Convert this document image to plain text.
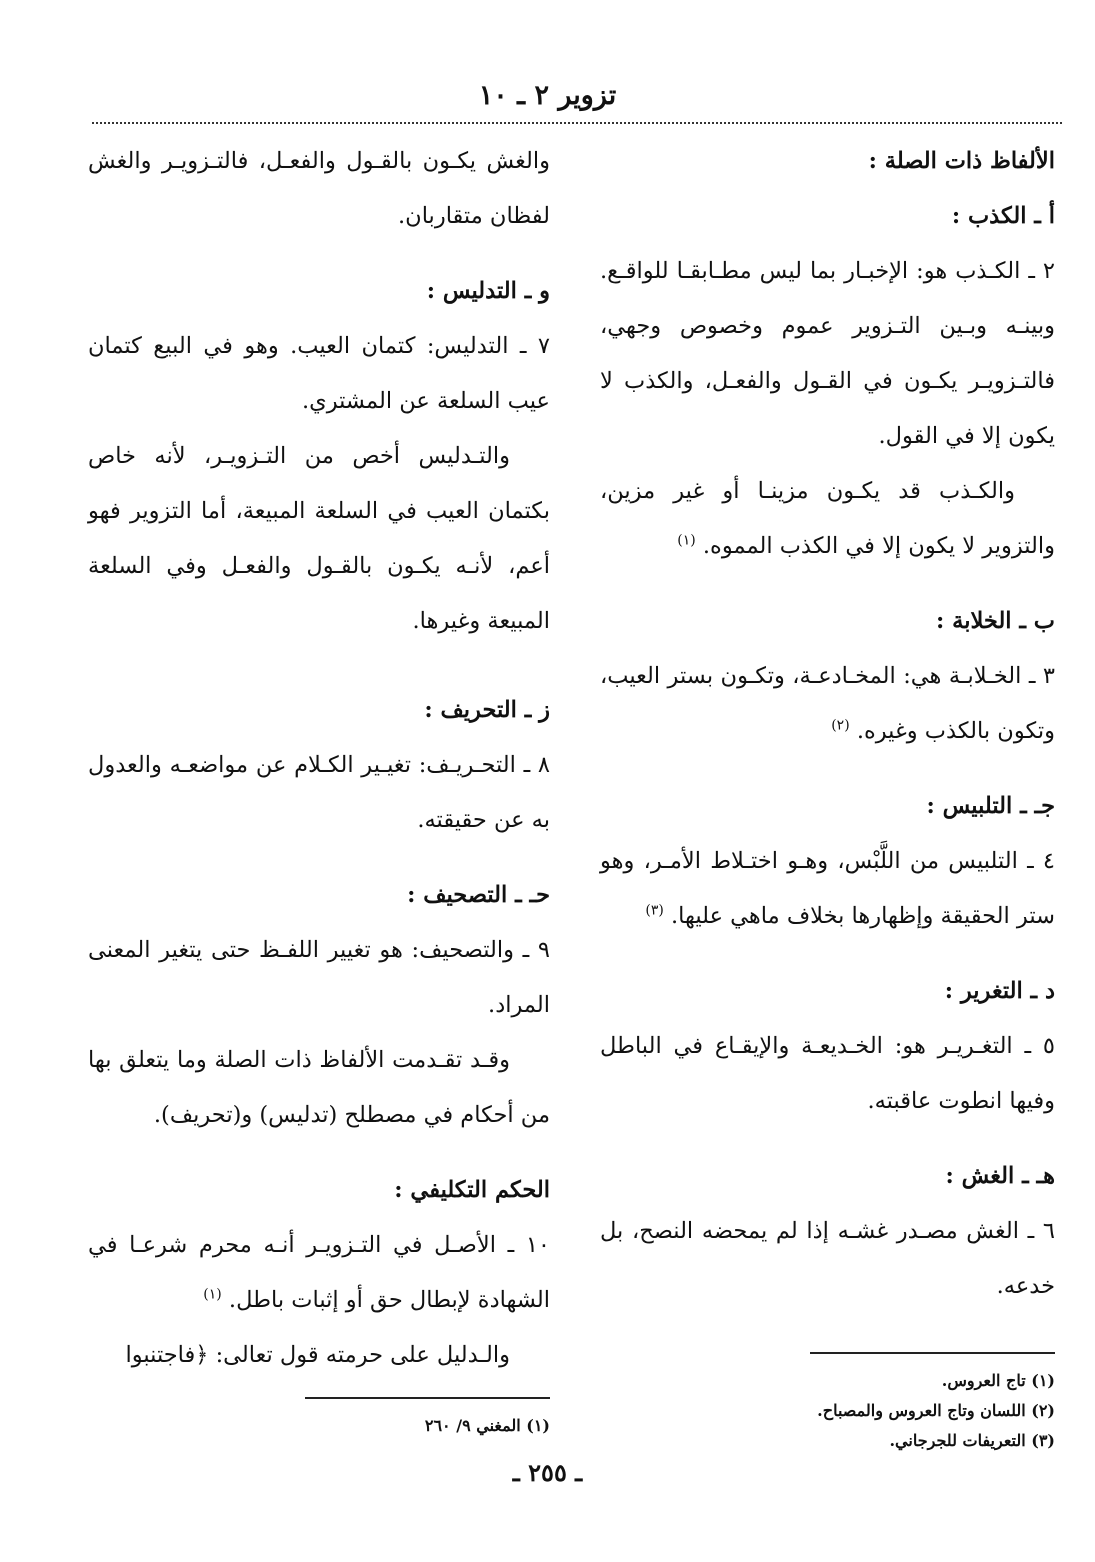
تزوير ٢ ـ ١٠

الألفاظ ذات الصلة :

أ ـ الكذب :

٢ ـ الكـذب هو: الإخبـار بما ليس مطـابقـا للواقـع. وبينـه وبـين التـزوير عموم وخصوص وجهي، فالتـزويـر يكـون في القـول والفعـل، والكذب لا يكون إلا في القول.

والكـذب قد يكـون مزينـا أو غير مزين، والتزوير لا يكون إلا في الكذب المموه. $^{(١)}$

ب ـ الخلابة :

٣ ـ الخـلابـة هي: المخـادعـة، وتكـون بستر العيب، وتكون بالكذب وغيره. $^{(٢)}$

جـ ـ التلبيس :

٤ ـ التلبيس من اللَّبْس، وهـو اختـلاط الأمـر، وهو ستر الحقيقة وإظهارها بخلاف ماهي عليها. $^{(٣)}$

د ـ التغرير :

٥ ـ التغـريـر هو: الخـديعـة والإيقـاع في الباطل وفيها انطوت عاقبته.

هـ ـ الغش :

٦ ـ الغش مصـدر غشـه إذا لم يمحضه النصح، بل خدعه.

(١) تاج العروس.

(٢) اللسان وتاج العروس والمصباح.

(٣) التعريفات للجرجاني.

والغش يكـون بالقـول والفعـل، فالتـزويـر والغش لفظان متقاربان.

و ـ التدليس :

٧ ـ التدليس: كتمان العيب. وهو في البيع كتمان عيب السلعة عن المشتري.

والتـدليس أخص من التـزويـر، لأنه خاص بكتمان العيب في السلعة المبيعة، أما التزوير فهو أعم، لأنـه يكـون بالقـول والفعـل وفي السلعة المبيعة وغيرها.

ز ـ التحريف :

٨ ـ التحـريـف: تغيـير الكـلام عن مواضعـه والعدول به عن حقيقته.

حـ ـ التصحيف :

٩ ـ والتصحيف: هو تغيير اللفـظ حتى يتغير المعنى المراد.

وقـد تقـدمت الألفاظ ذات الصلة وما يتعلق بها من أحكام في مصطلح (تدليس) و(تحريف).

الحكم التكليفي :

١٠ ـ الأصـل في التـزويـر أنـه محرم شرعـا في الشهادة لإبطال حق أو إثبات باطل. $^{(١)}$

والـدليل على حرمته قول تعالى: ﴿فاجتنبوا

(١) المغني ٩/ ٢٦٠

ـ ٢٥٥ ـ
